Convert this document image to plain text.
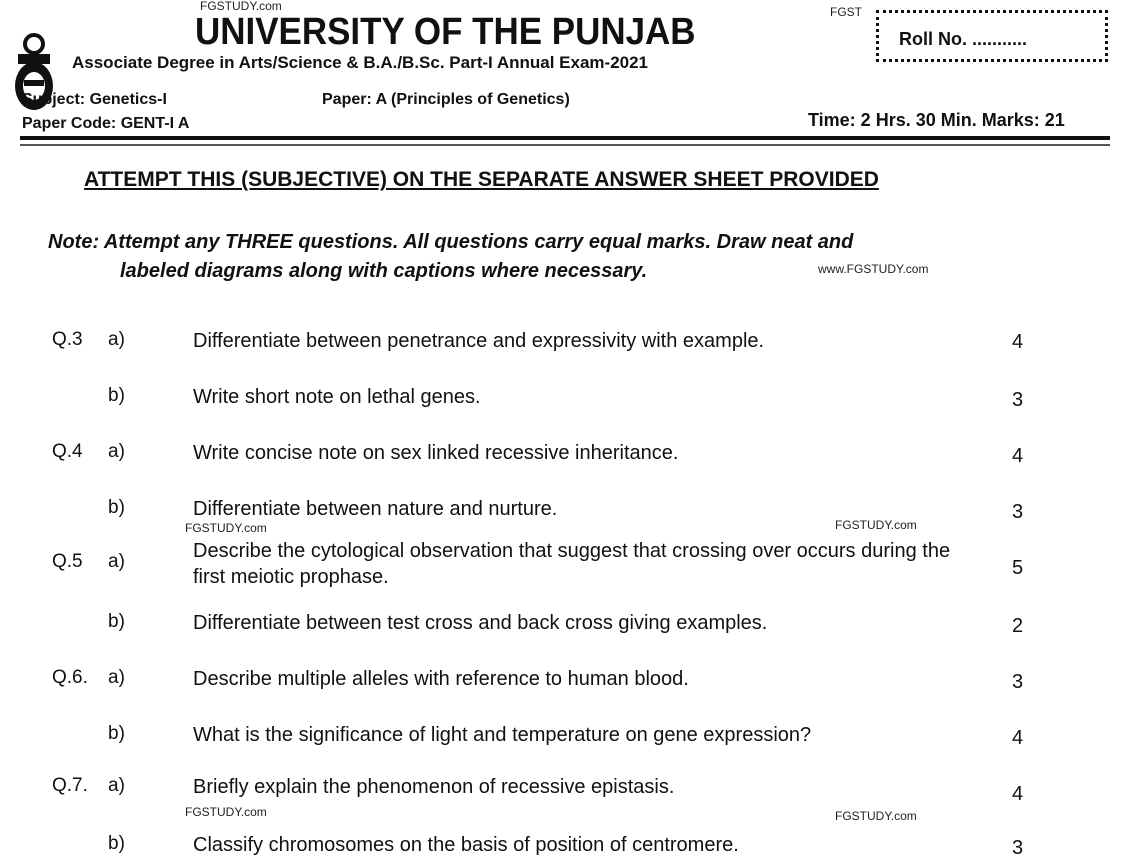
FGSTUDY.com	FGST
UNIVERSITY OF THE PUNJAB
Associate Degree in Arts/Science & B.A./B.Sc. Part-I Annual Exam-2021
Roll No. ...........
Subject: Genetics-I	Paper: A (Principles of Genetics)
Paper Code: GENT-I A	Time: 2 Hrs. 30 Min. Marks: 21
ATTEMPT THIS (SUBJECTIVE) ON THE SEPARATE ANSWER SHEET PROVIDED
Note: Attempt any THREE questions. All questions carry equal marks. Draw neat and
labeled diagrams along with captions where necessary.	www.FGSTUDY.com
FGSTUDY.com	FGSTUDY.com
FGSTUDY.com	FGSTUDY.com
Q.3 a)	Differentiate between penetrance and expressivity with example.	4
b)	Write short note on lethal genes.	3
Q.4 a)	Write concise note on sex linked recessive inheritance.	4
b)	Differentiate between nature and nurture.	3
Q.5 a)	Describe the cytological observation that suggest that crossing over occurs during the first meiotic prophase.	5
b)	Differentiate between test cross and back cross giving examples.	2
Q.6. a)	Describe multiple alleles with reference to human blood.	3
b)	What is the significance of light and temperature on gene expression?	4
Q.7. a)	Briefly explain the phenomenon of recessive epistasis.	4
b)	Classify chromosomes on the basis of position of centromere.	3
